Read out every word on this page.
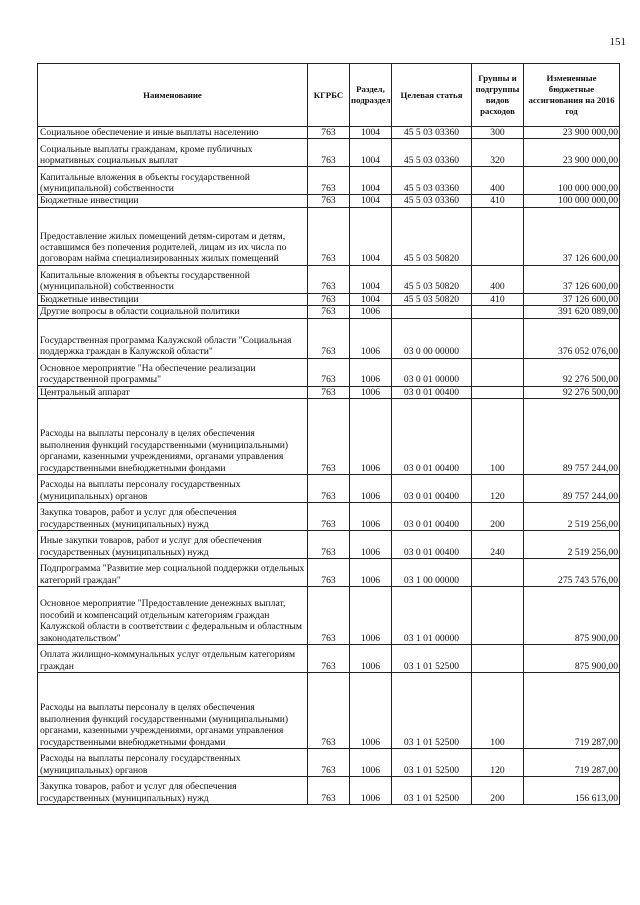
151
Наименование	КГРБС	Раздел, подраздел	Целевая статья	Группы и подгруппы видов расходов	Измененные бюджетные ассигнования на 2016 год
Социальное обеспечение и иные выплаты населению	763	1004	45 5 03 03360	300	23 900 000,00
Социальные выплаты гражданам, кроме публичных нормативных социальных выплат	763	1004	45 5 03 03360	320	23 900 000,00
Капитальные вложения в объекты государственной (муниципальной) собственности	763	1004	45 5 03 03360	400	100 000 000,00
Бюджетные инвестиции	763	1004	45 5 03 03360	410	100 000 000,00
Предоставление жилых помещений детям-сиротам и детям, оставшимся без попечения родителей, лицам из их числа по договорам найма специализированных жилых помещений	763	1004	45 5 03 50820		37 126 600,00
Капитальные вложения в объекты государственной (муниципальной) собственности	763	1004	45 5 03 50820	400	37 126 600,00
Бюджетные инвестиции	763	1004	45 5 03 50820	410	37 126 600,00
Другие вопросы в области социальной политики	763	1006			391 620 089,00
Государственная программа Калужской области "Социальная поддержка граждан в Калужской области"	763	1006	03 0 00 00000		376 052 076,00
Основное мероприятие "На обеспечение реализации государственной программы"	763	1006	03 0 01 00000		92 276 500,00
Центральный аппарат	763	1006	03 0 01 00400		92 276 500,00
Расходы на выплаты персоналу в целях обеспечения выполнения функций государственными (муниципальными) органами, казенными учреждениями, органами управления государственными внебюджетными фондами	763	1006	03 0 01 00400	100	89 757 244,00
Расходы на выплаты персоналу государственных (муниципальных) органов	763	1006	03 0 01 00400	120	89 757 244,00
Закупка товаров, работ и услуг для обеспечения государственных (муниципальных) нужд	763	1006	03 0 01 00400	200	2 519 256,00
Иные закупки товаров, работ и услуг для обеспечения государственных (муниципальных) нужд	763	1006	03 0 01 00400	240	2 519 256,00
Подпрограмма "Развитие мер социальной поддержки отдельных категорий граждан"	763	1006	03 1 00 00000		275 743 576,00
Основное мероприятие "Предоставление денежных выплат, пособий и компенсаций отдельным категориям граждан Калужской области в соответствии с федеральным и областным законодательством"	763	1006	03 1 01 00000		875 900,00
Оплата жилищно-коммунальных услуг отдельным категориям граждан	763	1006	03 1 01 52500		875 900,00
Расходы на выплаты персоналу в целях обеспечения выполнения функций государственными (муниципальными) органами, казенными учреждениями, органами управления государственными внебюджетными фондами	763	1006	03 1 01 52500	100	719 287,00
Расходы на выплаты персоналу государственных (муниципальных) органов	763	1006	03 1 01 52500	120	719 287,00
Закупка товаров, работ и услуг для обеспечения государственных (муниципальных) нужд	763	1006	03 1 01 52500	200	156 613,00
